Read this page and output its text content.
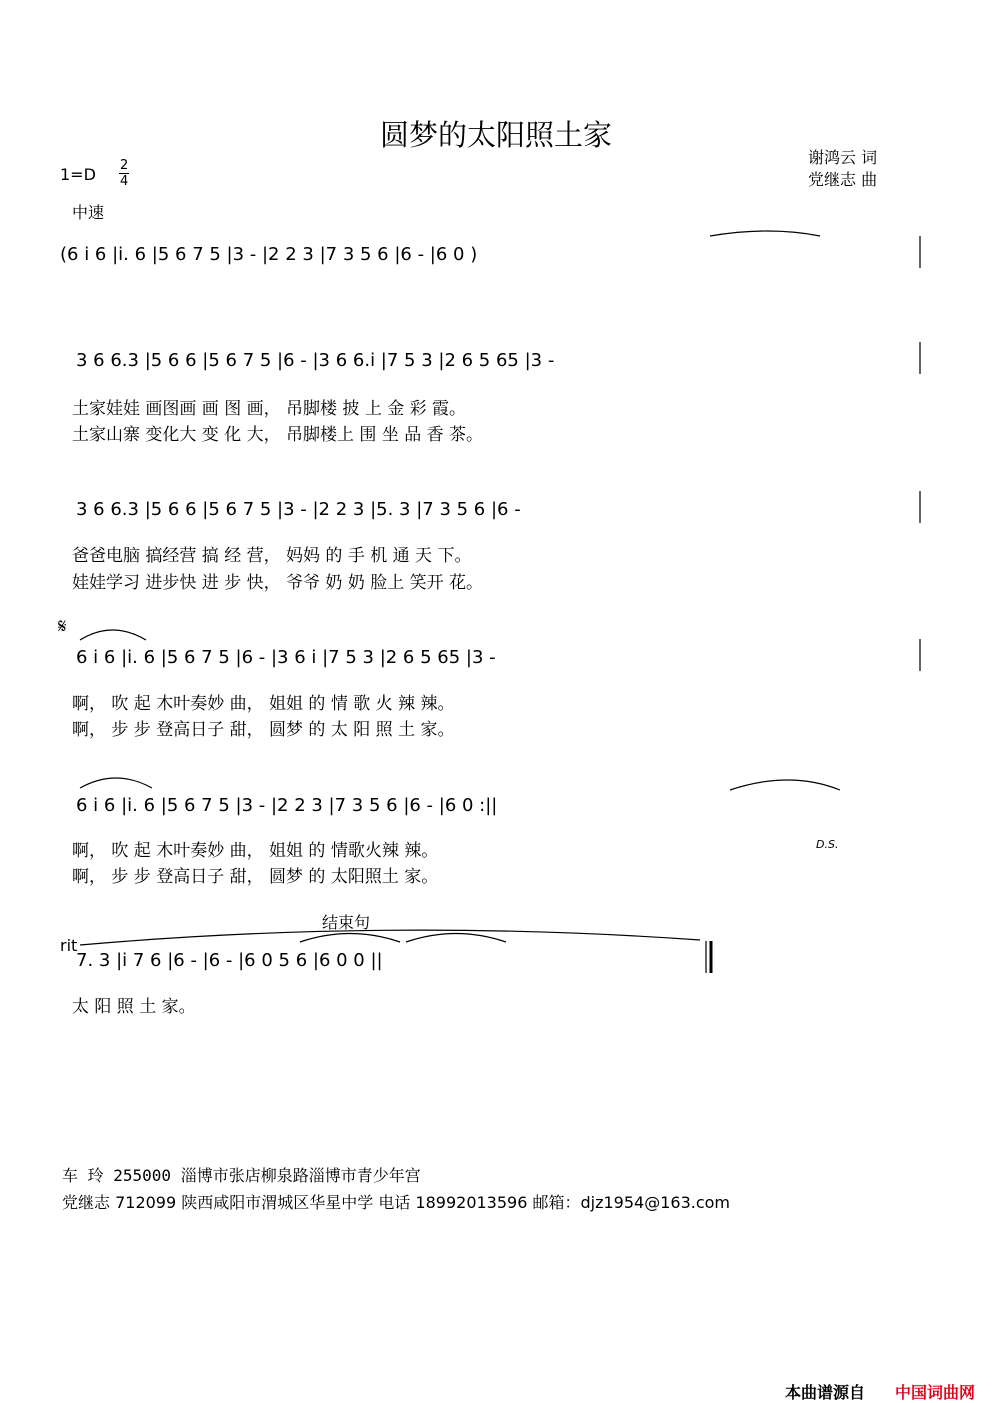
圆梦的太阳照土家
谢鸿云 词
党继志 曲
1=D 2
4
中速
(6 i 6 |i. 6 |5 6 7 5 |3 - |2 2 3 |7 3 5 6 |6 - |6 0 )
3 6 6.3 |5 6 6 |5 6 7 5 |6 - |3 6 6.i |7 5 3 |2 6 5 65 |3 -
土家娃娃 画图画 画 图 画， 吊脚楼 披 上 金 彩 霞。
土家山寨 变化大 变 化 大， 吊脚楼上 围 坐 品 香 茶。
3 6 6.3 |5 6 6 |5 6 7 5 |3 - |2 2 3 |5. 3 |7 3 5 6 |6 -
爸爸电脑 搞经营 搞 经 营， 妈妈 的 手 机 通 天 下。
娃娃学习 进步快 进 步 快， 爷爷 奶 奶 脸上 笑开 花。
𝄋
6 i 6 |i. 6 |5 6 7 5 |6 - |3 6 i |7 5 3 |2 6 5 65 |3 -
啊， 吹 起 木叶奏妙 曲， 姐姐 的 情 歌 火 辣 辣。
啊， 步 步 登高日子 甜， 圆梦 的 太 阳 照 土 家。
6 i 6 |i. 6 |5 6 7 5 |3 - |2 2 3 |7 3 5 6 |6 - |6 0 :||
啊， 吹 起 木叶奏妙 曲， 姐姐 的 情歌火辣 辣。
啊， 步 步 登高日子 甜， 圆梦 的 太阳照土 家。
D.S.
结束句
rit
7. 3 |i 7 6 |6 - |6 - |6 0 5 6 |6 0 0 ||
太 阳 照 土 家。
车 玲 255000 淄博市张店柳泉路淄博市青少年宫
党继志 712099 陕西咸阳市渭城区华星中学 电话 18992013596 邮箱：djz1954@163.com
本曲谱源自 中国词曲网
